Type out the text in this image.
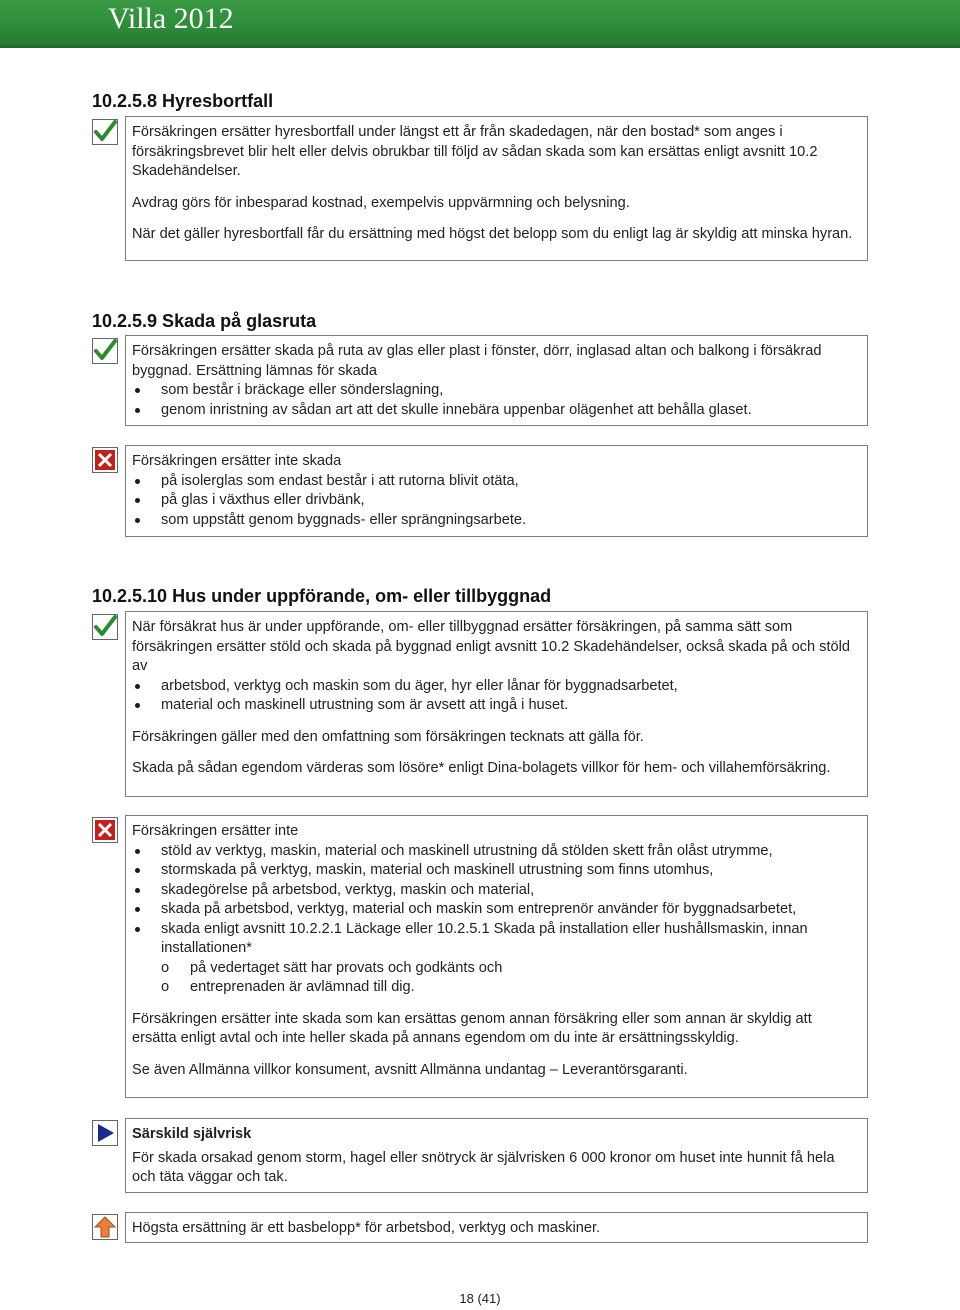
Villa 2012
10.2.5.8 Hyresbortfall

Försäkringen ersätter hyresbortfall under längst ett år från skadedagen, när den bostad* som anges i försäkringsbrevet blir helt eller delvis obrukbar till följd av sådan skada som kan ersättas enligt avsnitt 10.2 Skadehändelser.

Avdrag görs för inbesparad kostnad, exempelvis uppvärmning och belysning.

När det gäller hyresbortfall får du ersättning med högst det belopp som du enligt lag är skyldig att minska hyran.

10.2.5.9 Skada på glasruta

Försäkringen ersätter skada på ruta av glas eller plast i fönster, dörr, inglasad altan och balkong i försäkrad byggnad. Ersättning lämnas för skada

som består i bräckage eller sönderslagning,
genom inristning av sådan art att det skulle innebära uppenbar olägenhet att behålla glaset.

Försäkringen ersätter inte skada

på isolerglas som endast består i att rutorna blivit otäta,
på glas i växthus eller drivbänk,
som uppstått genom byggnads- eller sprängningsarbete.
10.2.5.10 Hus under uppförande, om- eller tillbyggnad

När försäkrat hus är under uppförande, om- eller tillbyggnad ersätter försäkringen, på samma sätt som försäkringen ersätter stöld och skada på byggnad enligt avsnitt 10.2 Skadehändelser, också skada på och stöld av

arbetsbod, verktyg och maskin som du äger, hyr eller lånar för byggnadsarbetet,
material och maskinell utrustning som är avsett att ingå i huset.

Försäkringen gäller med den omfattning som försäkringen tecknats att gälla för.

Skada på sådan egendom värderas som lösöre* enligt Dina-bolagets villkor för hem- och villahemförsäkring.

Försäkringen ersätter inte

stöld av verktyg, maskin, material och maskinell utrustning då stölden skett från olåst utrymme,
stormskada på verktyg, maskin, material och maskinell utrustning som finns utomhus,
skadegörelse på arbetsbod, verktyg, maskin och material,
skada på arbetsbod, verktyg, material och maskin som entreprenör använder för byggnadsarbetet,
skada enligt avsnitt 10.2.2.1 Läckage eller 10.2.5.1 Skada på installation eller hushållsmaskin, innan installationen*
o på vedertaget sätt har provats och godkänts och
o entreprenaden är avlämnad till dig.

Försäkringen ersätter inte skada som kan ersättas genom annan försäkring eller som annan är skyldig att ersätta enligt avtal och inte heller skada på annans egendom om du inte är ersättningsskyldig.

Se även Allmänna villkor konsument, avsnitt Allmänna undantag – Leverantörsgaranti.

Särskild självrisk

För skada orsakad genom storm, hagel eller snötryck är självrisken 6 000 kronor om huset inte hunnit få hela och täta väggar och tak.

Högsta ersättning är ett basbelopp* för arbetsbod, verktyg och maskiner.

18 (41)
